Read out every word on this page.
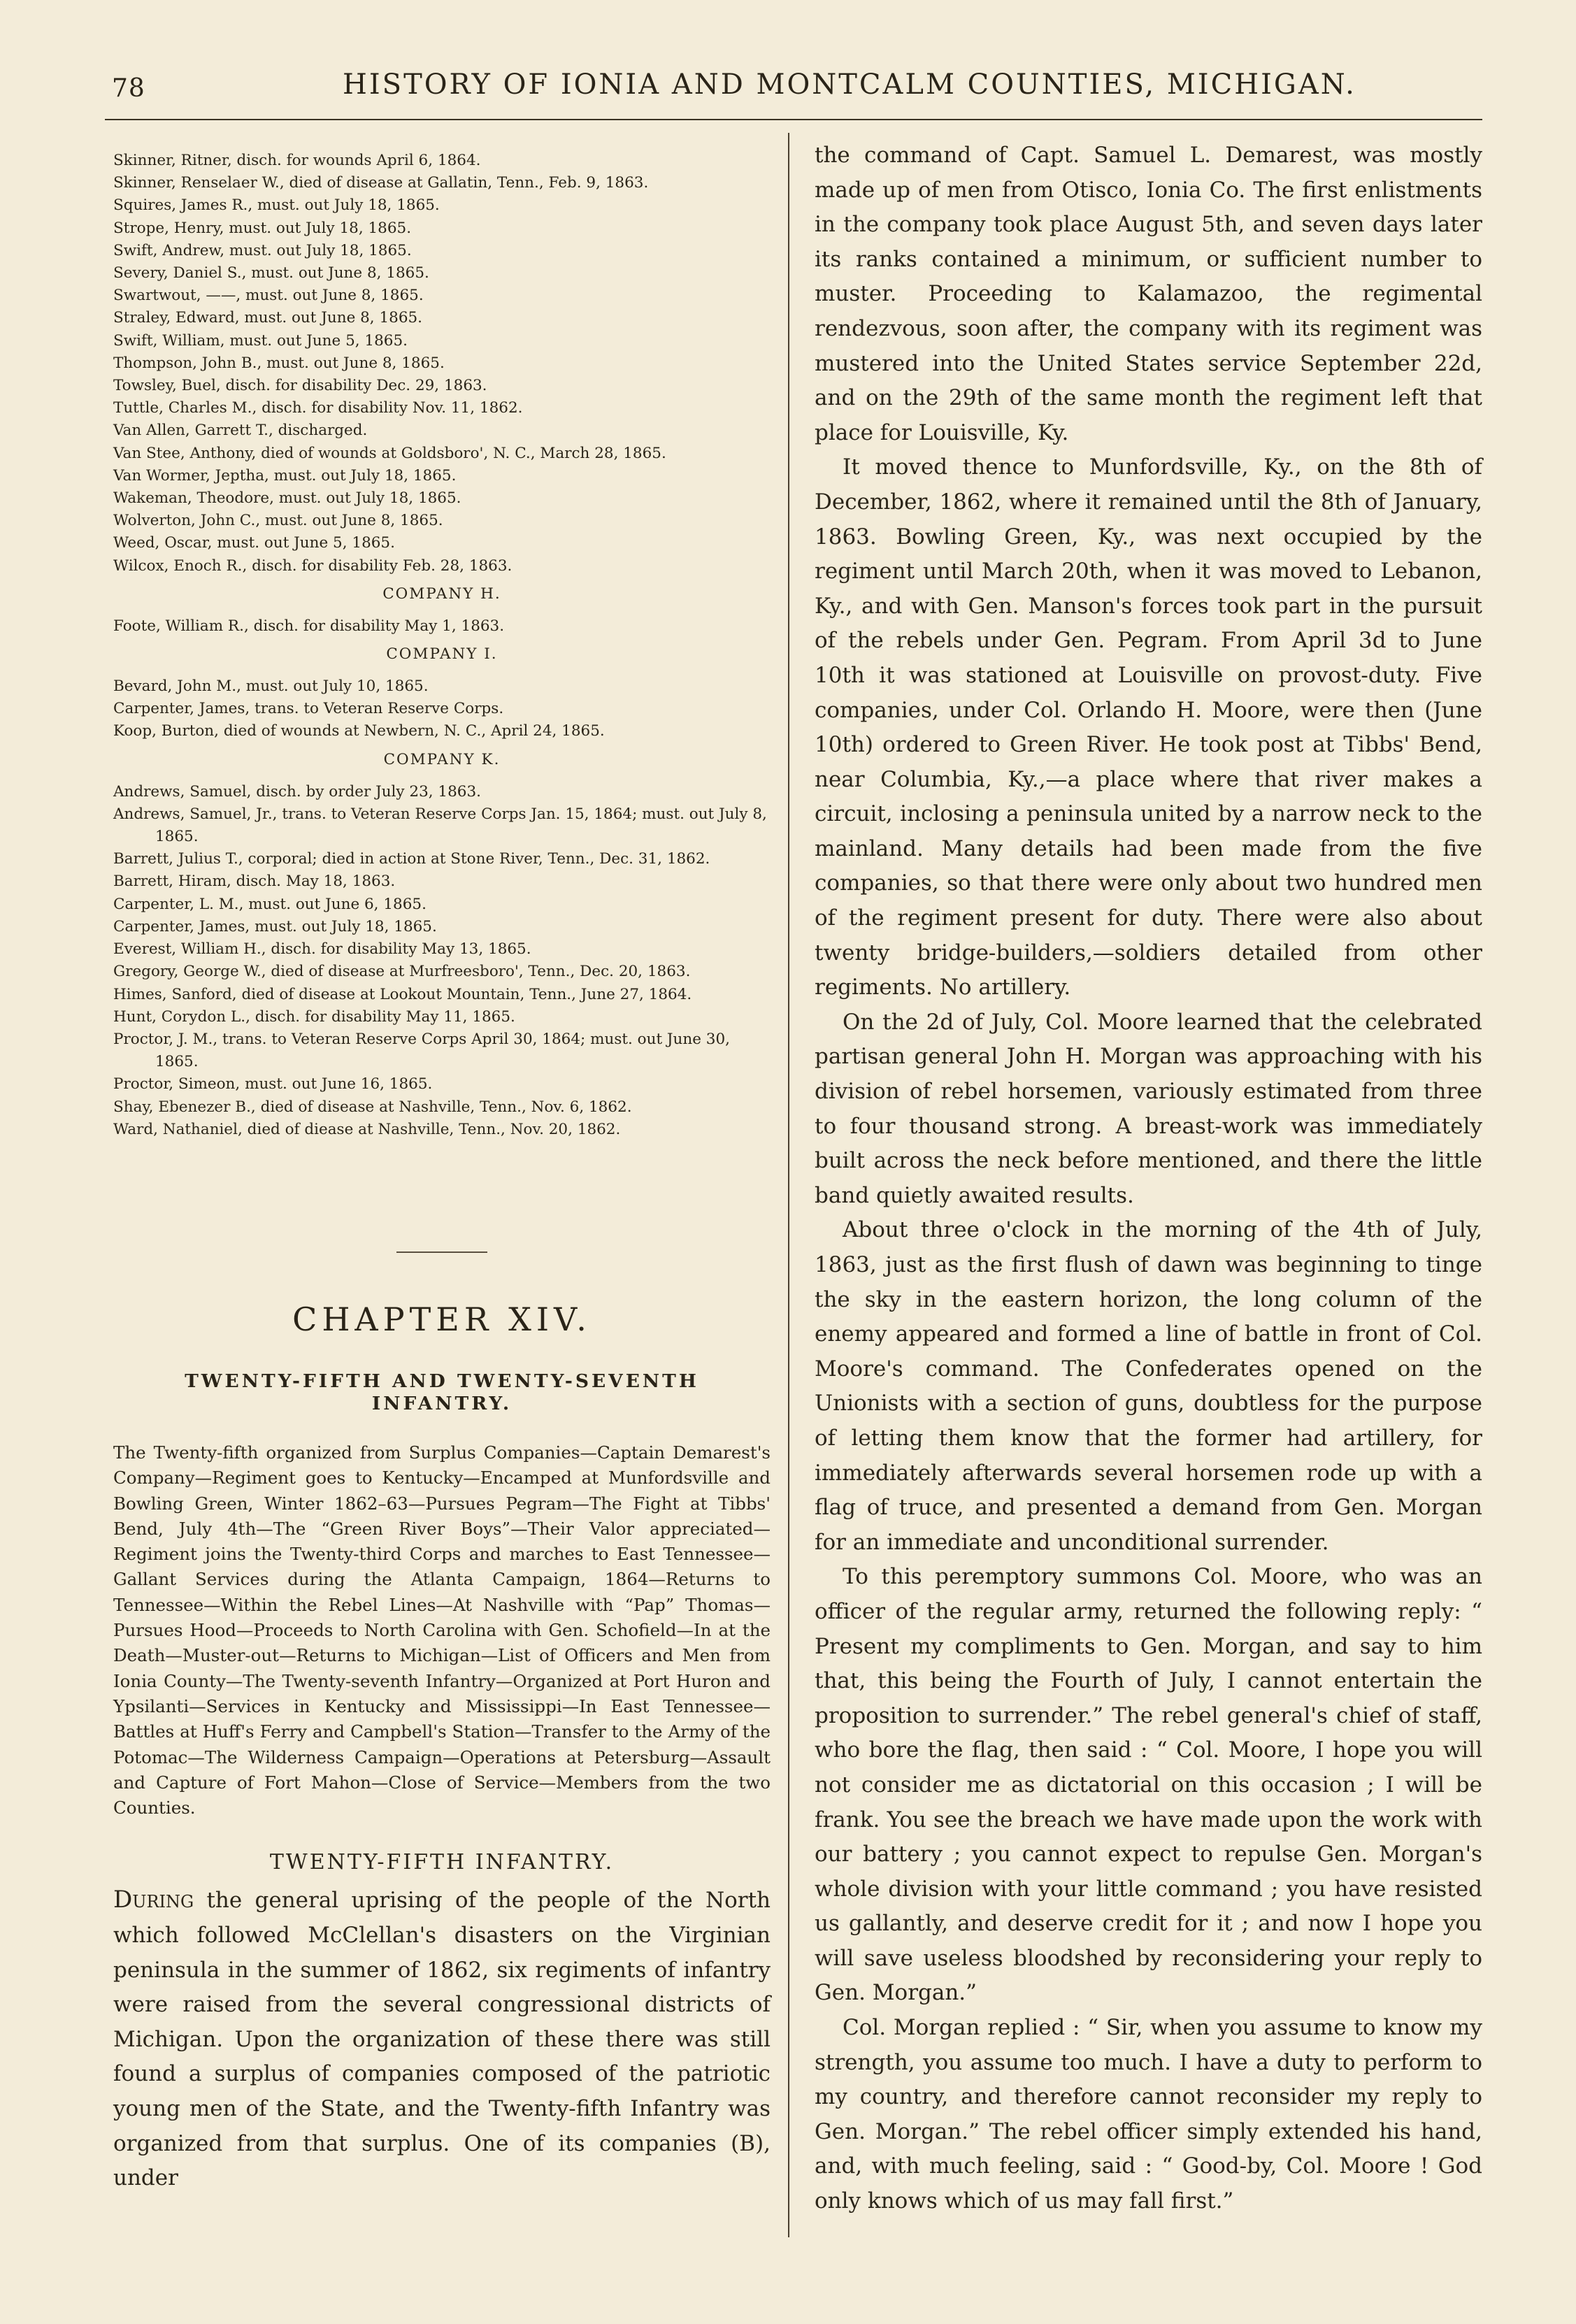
78	HISTORY OF IONIA AND MONTCALM COUNTIES, MICHIGAN.
Skinner, Ritner, disch. for wounds April 6, 1864.
Skinner, Renselaer W., died of disease at Gallatin, Tenn., Feb. 9, 1863.
Squires, James R., must. out July 18, 1865.
Strope, Henry, must. out July 18, 1865.
Swift, Andrew, must. out July 18, 1865.
Severy, Daniel S., must. out June 8, 1865.
Swartwout, ——, must. out June 8, 1865.
Straley, Edward, must. out June 8, 1865.
Swift, William, must. out June 5, 1865.
Thompson, John B., must. out June 8, 1865.
Towsley, Buel, disch. for disability Dec. 29, 1863.
Tuttle, Charles M., disch. for disability Nov. 11, 1862.
Van Allen, Garrett T., discharged.
Van Stee, Anthony, died of wounds at Goldsboro', N. C., March 28, 1865.
Van Wormer, Jeptha, must. out July 18, 1865.
Wakeman, Theodore, must. out July 18, 1865.
Wolverton, John C., must. out June 8, 1865.
Weed, Oscar, must. out June 5, 1865.
Wilcox, Enoch R., disch. for disability Feb. 28, 1863.
COMPANY H.
Foote, William R., disch. for disability May 1, 1863.
COMPANY I.
Bevard, John M., must. out July 10, 1865.
Carpenter, James, trans. to Veteran Reserve Corps.
Koop, Burton, died of wounds at Newbern, N. C., April 24, 1865.
COMPANY K.
Andrews, Samuel, disch. by order July 23, 1863.
Andrews, Samuel, Jr., trans. to Veteran Reserve Corps Jan. 15, 1864; must. out July 8, 1865.
Barrett, Julius T., corporal; died in action at Stone River, Tenn., Dec. 31, 1862.
Barrett, Hiram, disch. May 18, 1863.
Carpenter, L. M., must. out June 6, 1865.
Carpenter, James, must. out July 18, 1865.
Everest, William H., disch. for disability May 13, 1865.
Gregory, George W., died of disease at Murfreesboro', Tenn., Dec. 20, 1863.
Himes, Sanford, died of disease at Lookout Mountain, Tenn., June 27, 1864.
Hunt, Corydon L., disch. for disability May 11, 1865.
Proctor, J. M., trans. to Veteran Reserve Corps April 30, 1864; must. out June 30, 1865.
Proctor, Simeon, must. out June 16, 1865.
Shay, Ebenezer B., died of disease at Nashville, Tenn., Nov. 6, 1862.
Ward, Nathaniel, died of diease at Nashville, Tenn., Nov. 20, 1862.
CHAPTER XIV.
TWENTY-FIFTH AND TWENTY-SEVENTH INFANTRY.
The Twenty-fifth organized from Surplus Companies—Captain Demarest's Company—Regiment goes to Kentucky—Encamped at Munfordsville and Bowling Green, Winter 1862–63—Pursues Pegram—The Fight at Tibbs' Bend, July 4th—The “Green River Boys”—Their Valor appreciated—Regiment joins the Twenty-third Corps and marches to East Tennessee—Gallant Services during the Atlanta Campaign, 1864—Returns to Tennessee—Within the Rebel Lines—At Nashville with “Pap” Thomas—Pursues Hood—Proceeds to North Carolina with Gen. Schofield—In at the Death—Muster-out—Returns to Michigan—List of Officers and Men from Ionia County—The Twenty-seventh Infantry—Organized at Port Huron and Ypsilanti—Services in Kentucky and Mississippi—In East Tennessee—Battles at Huff's Ferry and Campbell's Station—Transfer to the Army of the Potomac—The Wilderness Campaign—Operations at Petersburg—Assault and Capture of Fort Mahon—Close of Service—Members from the two Counties.
TWENTY-FIFTH INFANTRY.

During the general uprising of the people of the North which followed McClellan's disasters on the Virginian peninsula in the summer of 1862, six regiments of infantry were raised from the several congressional districts of Michigan. Upon the organization of these there was still found a surplus of companies composed of the patriotic young men of the State, and the Twenty-fifth Infantry was organized from that surplus. One of its companies (B), under

the command of Capt. Samuel L. Demarest, was mostly made up of men from Otisco, Ionia Co. The first enlistments in the company took place August 5th, and seven days later its ranks contained a minimum, or sufficient number to muster. Proceeding to Kalamazoo, the regimental rendezvous, soon after, the company with its regiment was mustered into the United States service September 22d, and on the 29th of the same month the regiment left that place for Louisville, Ky.

It moved thence to Munfordsville, Ky., on the 8th of December, 1862, where it remained until the 8th of January, 1863. Bowling Green, Ky., was next occupied by the regiment until March 20th, when it was moved to Lebanon, Ky., and with Gen. Manson's forces took part in the pursuit of the rebels under Gen. Pegram. From April 3d to June 10th it was stationed at Louisville on provost-duty. Five companies, under Col. Orlando H. Moore, were then (June 10th) ordered to Green River. He took post at Tibbs' Bend, near Columbia, Ky.,—a place where that river makes a circuit, inclosing a peninsula united by a narrow neck to the mainland. Many details had been made from the five companies, so that there were only about two hundred men of the regiment present for duty. There were also about twenty bridge-builders,—soldiers detailed from other regiments. No artillery.

On the 2d of July, Col. Moore learned that the celebrated partisan general John H. Morgan was approaching with his division of rebel horsemen, variously estimated from three to four thousand strong. A breast-work was immediately built across the neck before mentioned, and there the little band quietly awaited results.

About three o'clock in the morning of the 4th of July, 1863, just as the first flush of dawn was beginning to tinge the sky in the eastern horizon, the long column of the enemy appeared and formed a line of battle in front of Col. Moore's command. The Confederates opened on the Unionists with a section of guns, doubtless for the purpose of letting them know that the former had artillery, for immediately afterwards several horsemen rode up with a flag of truce, and presented a demand from Gen. Morgan for an immediate and unconditional surrender.

To this peremptory summons Col. Moore, who was an officer of the regular army, returned the following reply: “ Present my compliments to Gen. Morgan, and say to him that, this being the Fourth of July, I cannot entertain the proposition to surrender.” The rebel general's chief of staff, who bore the flag, then said : “ Col. Moore, I hope you will not consider me as dictatorial on this occasion ; I will be frank. You see the breach we have made upon the work with our battery ; you cannot expect to repulse Gen. Morgan's whole division with your little command ; you have resisted us gallantly, and deserve credit for it ; and now I hope you will save useless bloodshed by reconsidering your reply to Gen. Morgan.”

Col. Morgan replied : “ Sir, when you assume to know my strength, you assume too much. I have a duty to perform to my country, and therefore cannot reconsider my reply to Gen. Morgan.” The rebel officer simply extended his hand, and, with much feeling, said : “ Good-by, Col. Moore ! God only knows which of us may fall first.”
